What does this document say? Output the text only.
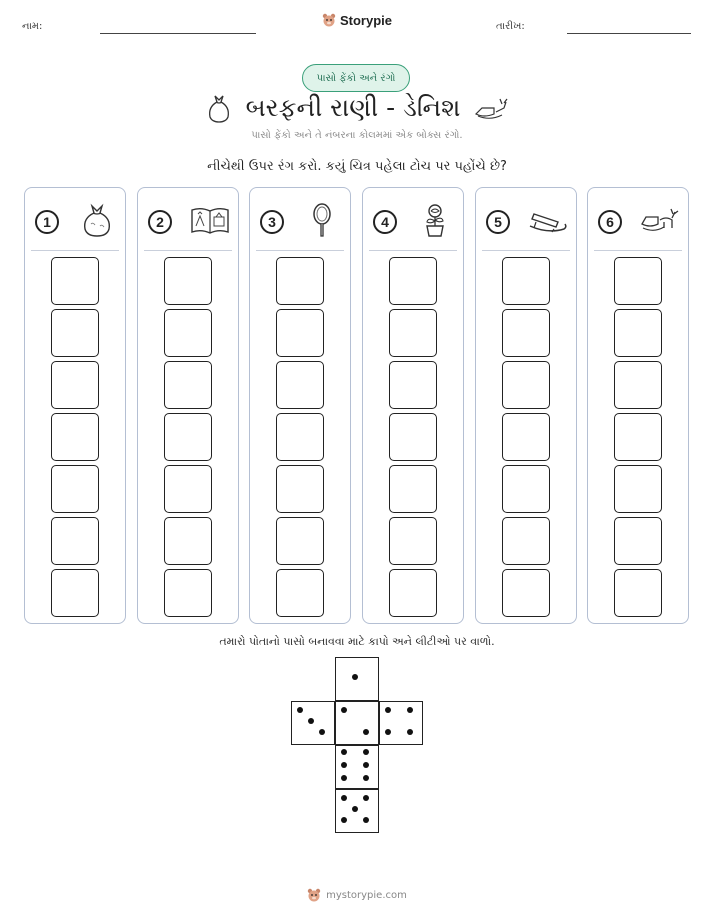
નામ:	Storypie	તારીખ:
પાસો ફેંકો અને રંગો
બરફની રાણી - ડેનિશ
પાસો ફેંકો અને તે નંબરના કોલમમાં એક બોક્સ રંગો.
નીચેથી ઉપર રંગ કરો. કયું ચિત્ર પહેલા ટોચ પર પહોંચે છે?
1	2	3	4	5	6
તમારો પોતાનો પાસો બનાવવા માટે કાપો અને લીટીઓ પર વાળો.
mystorypie.com
